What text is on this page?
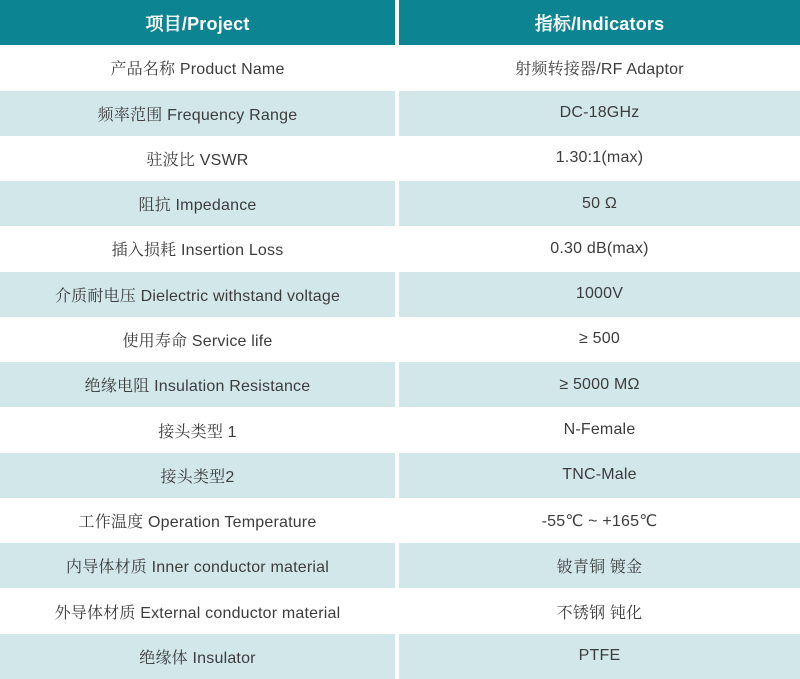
项目/Project	指标/Indicators
产品名称 Product Name	射频转接器/RF Adaptor
频率范围 Frequency Range	DC-18GHz
驻波比 VSWR	1.30:1(max)
阻抗 Impedance	50 Ω
插入损耗 Insertion Loss	0.30 dB(max)
介质耐电压 Dielectric withstand voltage	1000V
使用寿命 Service life	≥ 500
绝缘电阻 Insulation Resistance	≥ 5000 MΩ
接头类型 1	N-Female
接头类型2	TNC-Male
工作温度 Operation Temperature	-55℃ ~ +165℃
内导体材质 Inner conductor material	铍青铜 镀金
外导体材质 External conductor material	不锈钢 钝化
绝缘体 Insulator	PTFE
